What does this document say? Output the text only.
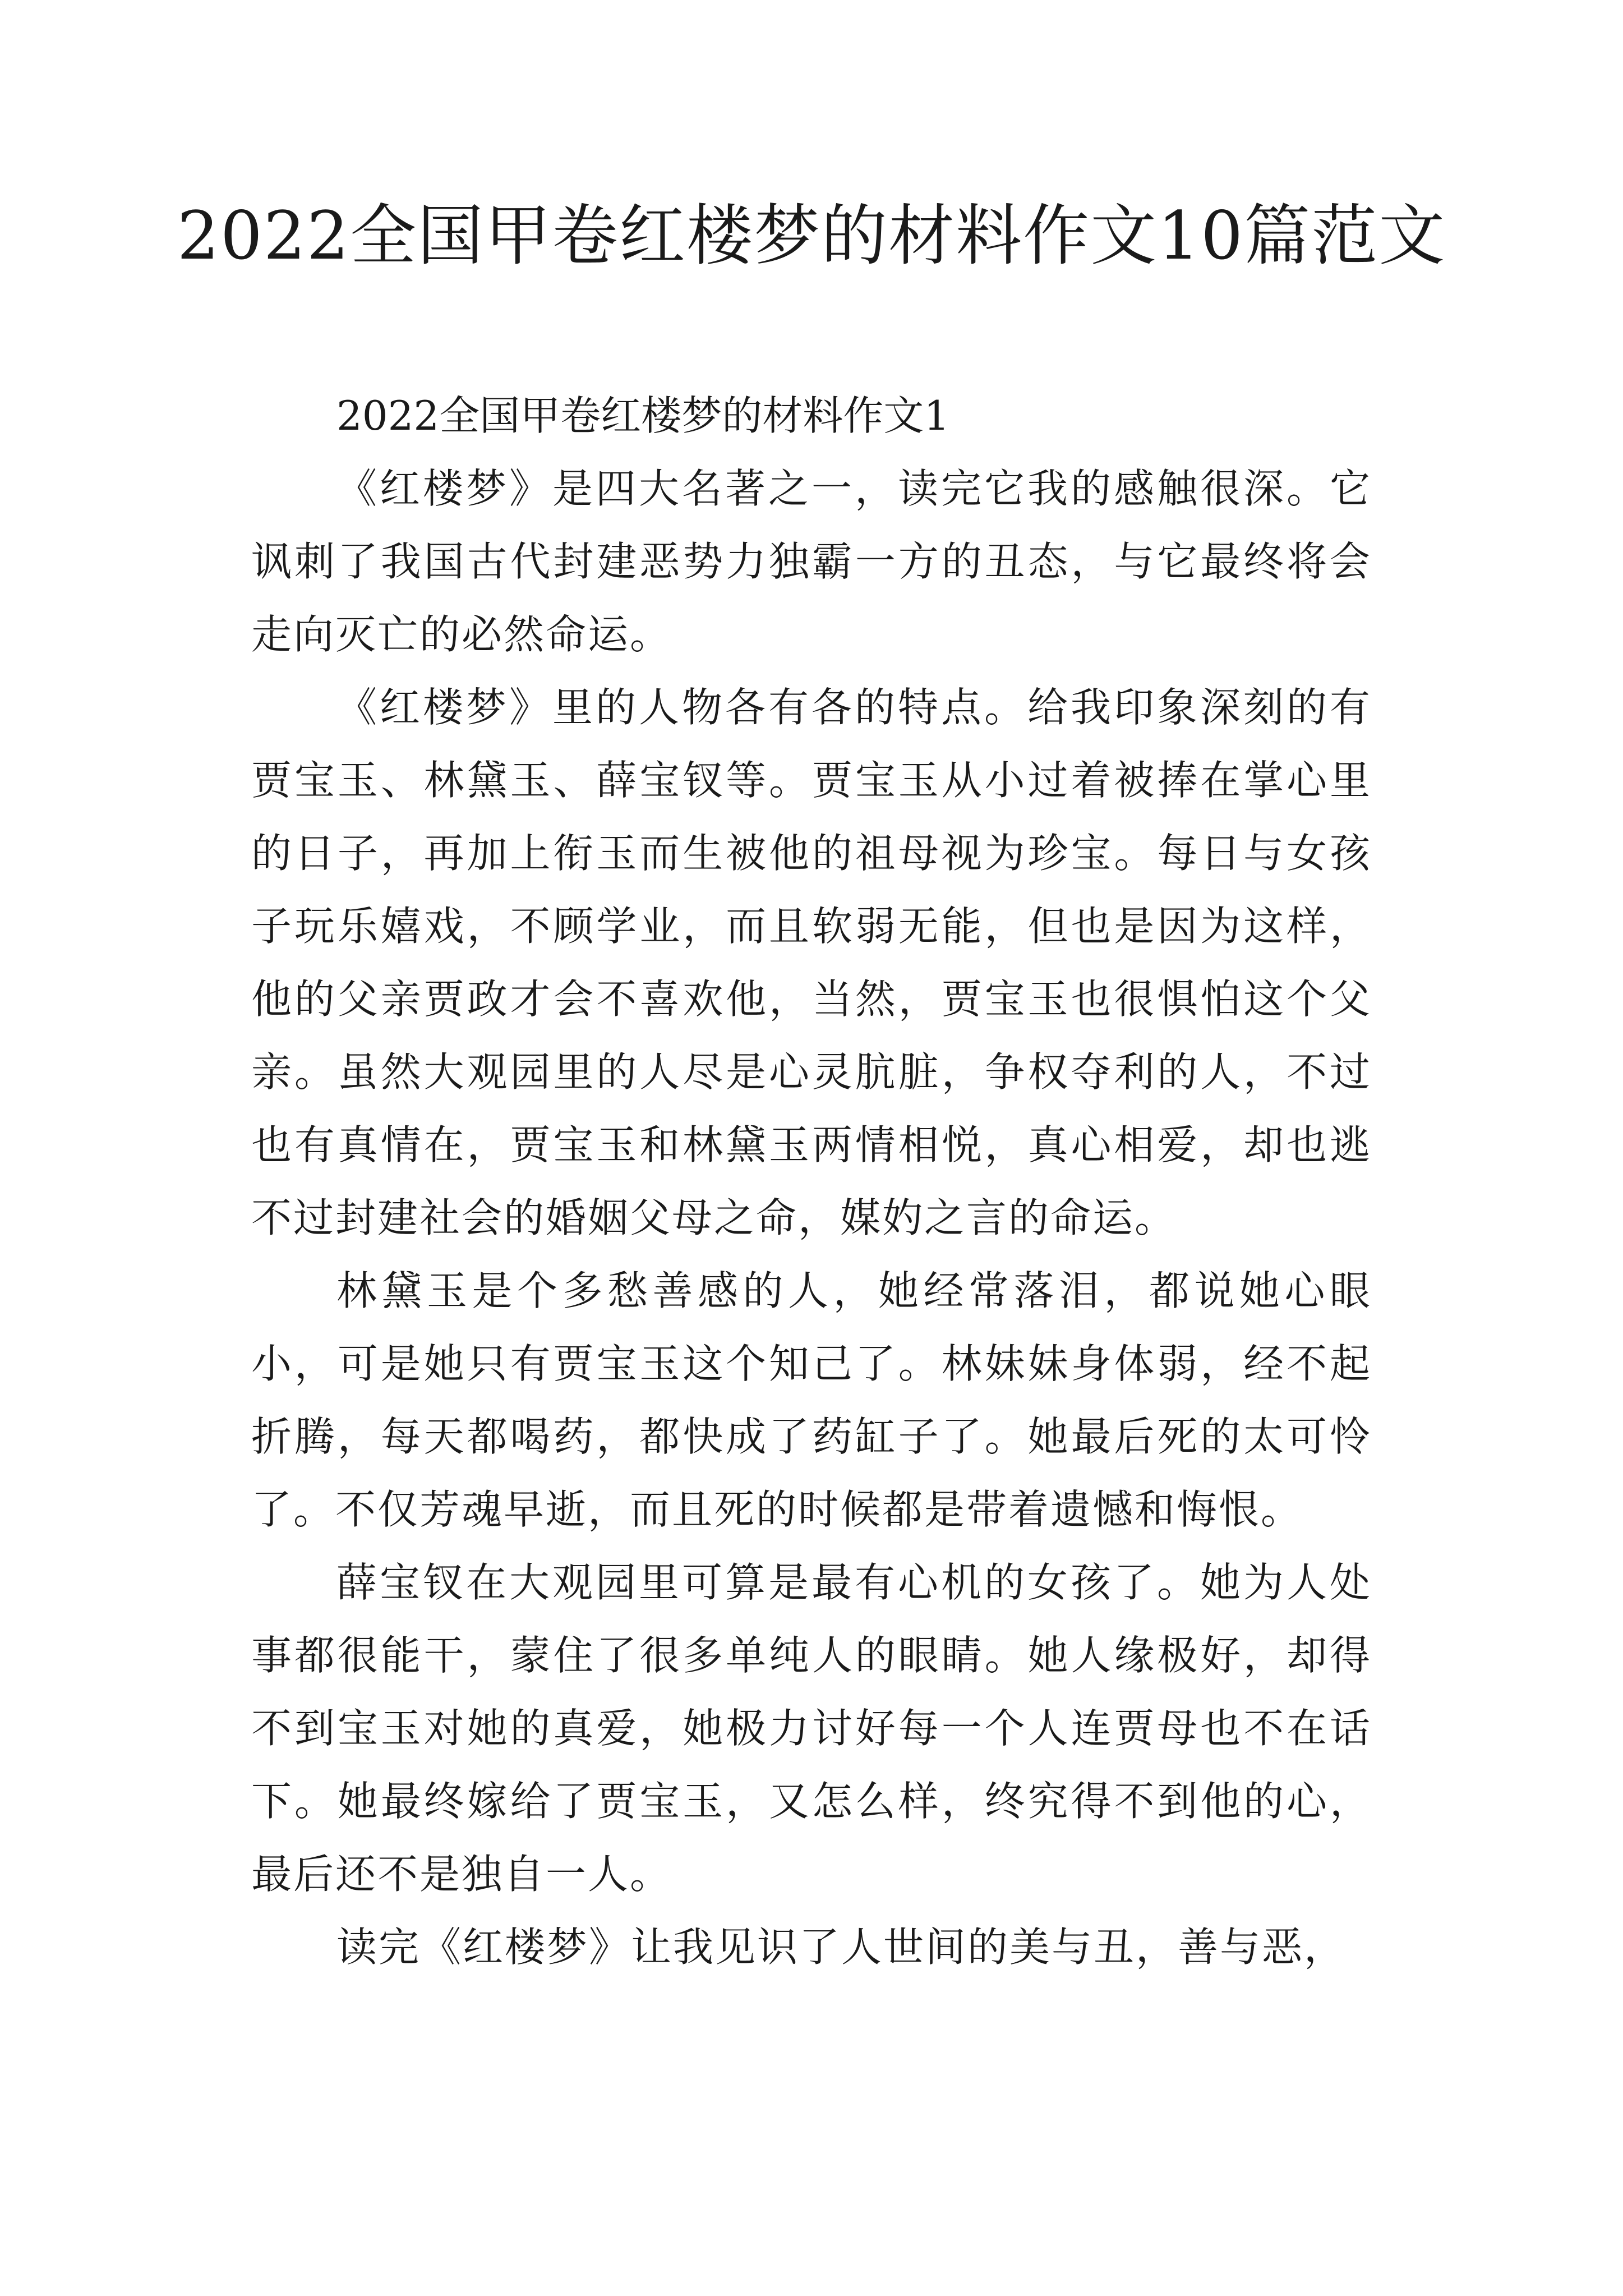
2022全国甲卷红楼梦的材料作文10篇范文
2022全国甲卷红楼梦的材料作文1

《红楼梦》是四大名著之一，读完它我的感触很深。它讽刺了我国古代封建恶势力独霸一方的丑态，与它最终将会走向灭亡的必然命运。

《红楼梦》里的人物各有各的特点。给我印象深刻的有贾宝玉、林黛玉、薛宝钗等。贾宝玉从小过着被捧在掌心里的日子，再加上衔玉而生被他的祖母视为珍宝。每日与女孩子玩乐嬉戏，不顾学业，而且软弱无能，但也是因为这样，他的父亲贾政才会不喜欢他，当然，贾宝玉也很惧怕这个父亲。虽然大观园里的人尽是心灵肮脏，争权夺利的人，不过也有真情在，贾宝玉和林黛玉两情相悦，真心相爱，却也逃不过封建社会的婚姻父母之命，媒妁之言的命运。

林黛玉是个多愁善感的人，她经常落泪，都说她心眼小，可是她只有贾宝玉这个知己了。林妹妹身体弱，经不起折腾，每天都喝药，都快成了药缸子了。她最后死的太可怜了。不仅芳魂早逝，而且死的时候都是带着遗憾和悔恨。

薛宝钗在大观园里可算是最有心机的女孩了。她为人处事都很能干，蒙住了很多单纯人的眼睛。她人缘极好，却得不到宝玉对她的真爱，她极力讨好每一个人连贾母也不在话下。她最终嫁给了贾宝玉，又怎么样，终究得不到他的心，最后还不是独自一人。

读完《红楼梦》让我见识了人世间的美与丑，善与恶，
